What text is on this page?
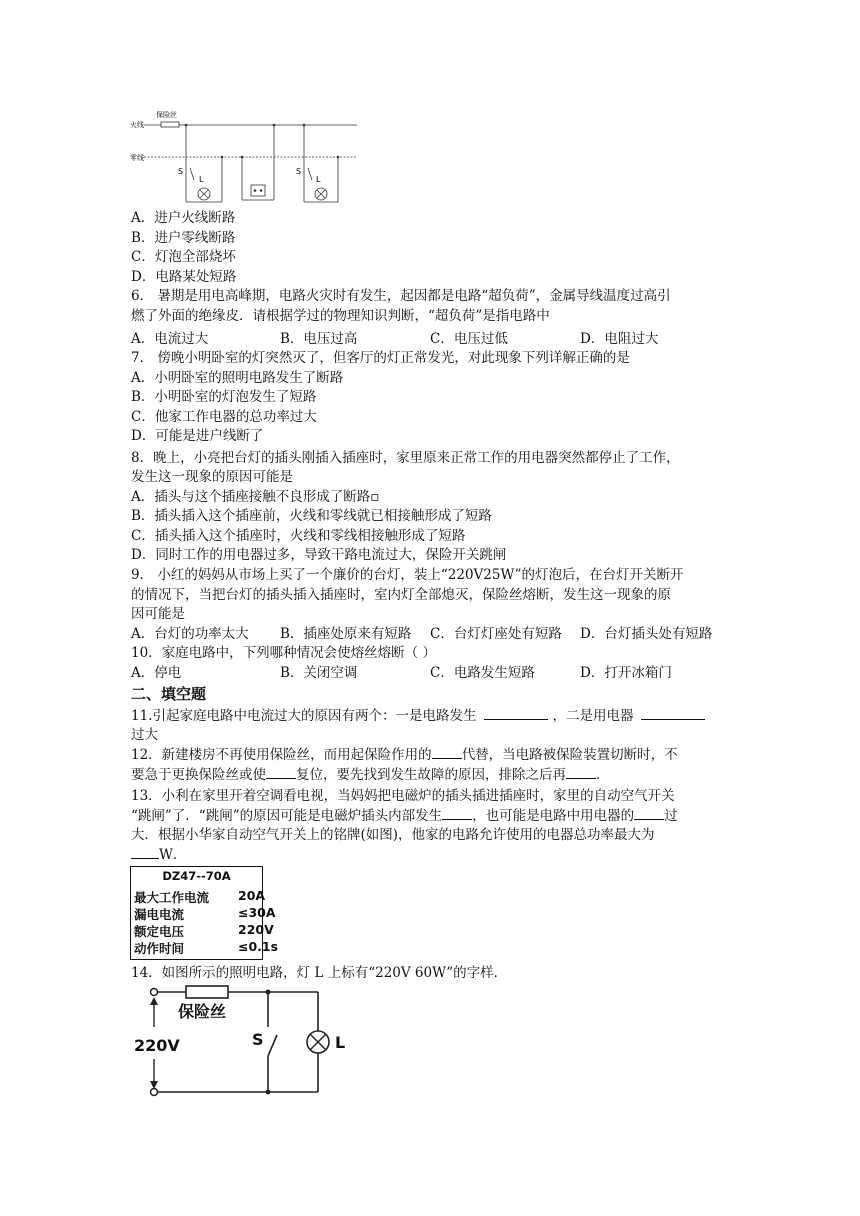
保险丝
火线
零线
S
L
S
L
A．进户火线断路
B．进户零线断路
C．灯泡全部烧坏
D．电路某处短路
6． 暑期是用电高峰期，电路火灾时有发生，起因都是电路“超负荷”，金属导线温度过高引
燃了外面的绝缘皮．请根据学过的物理知识判断，“超负荷”是指电路中
A．电流过大	B．电压过高	C．电压过低	D．电阻过大
7． 傍晚小明卧室的灯突然灭了，但客厅的灯正常发光，对此现象下列详解正确的是
A．小明卧室的照明电路发生了断路
B．小明卧室的灯泡发生了短路
C．他家工作电器的总功率过大
D．可能是进户线断了
8．晚上，小亮把台灯的插头刚插入插座时，家里原来正常工作的用电器突然都停止了工作，
发生这一现象的原因可能是
A．插头与这个插座接触不良形成了断路▫
B．插头插入这个插座前，火线和零线就已相接触形成了短路
C．插头插入这个插座时，火线和零线相接触形成了短路
D．同时工作的用电器过多，导致干路电流过大，保险开关跳闸
9． 小红的妈妈从市场上买了一个廉价的台灯，装上“220V25W”的灯泡后，在台灯开关断开
的情况下，当把台灯的插头插入插座时，室内灯全部熄灭，保险丝熔断，发生这一现象的原
因可能是
A．台灯的功率太大 B．插座处原来有短路 C．台灯灯座处有短路 D．台灯插头处有短路
10．家庭电路中，下列哪种情况会使熔丝熔断（ ）
A．停电	B．关闭空调	C．电路发生短路	D．打开冰箱门
二、填空题
11.引起家庭电路中电流过大的原因有两个：一是电路发生	，二是用电器
过大
12．新建楼房不再使用保险丝，而用起保险作用的 代替，当电路被保险装置切断时，不
要急于更换保险丝或使 复位，要先找到发生故障的原因，排除之后再 ．
13．小利在家里开着空调看电视，当妈妈把电磁炉的插头插进插座时，家里的自动空气开关
“跳闸”了．“跳闸”的原因可能是电磁炉插头内部发生 ，也可能是电路中用电器的 过
大．根据小华家自动空气开关上的铭牌(如图)，他家的电路允许使用的电器总功率最大为
W．
DZ47--70A
最大工作电流 20A
漏电电流	≤30A
额定电压	220V
动作时间	≤0.1s
14．如图所示的照明电路，灯 L 上标有“220V 60W”的字样．
保险丝
220V	S	L
